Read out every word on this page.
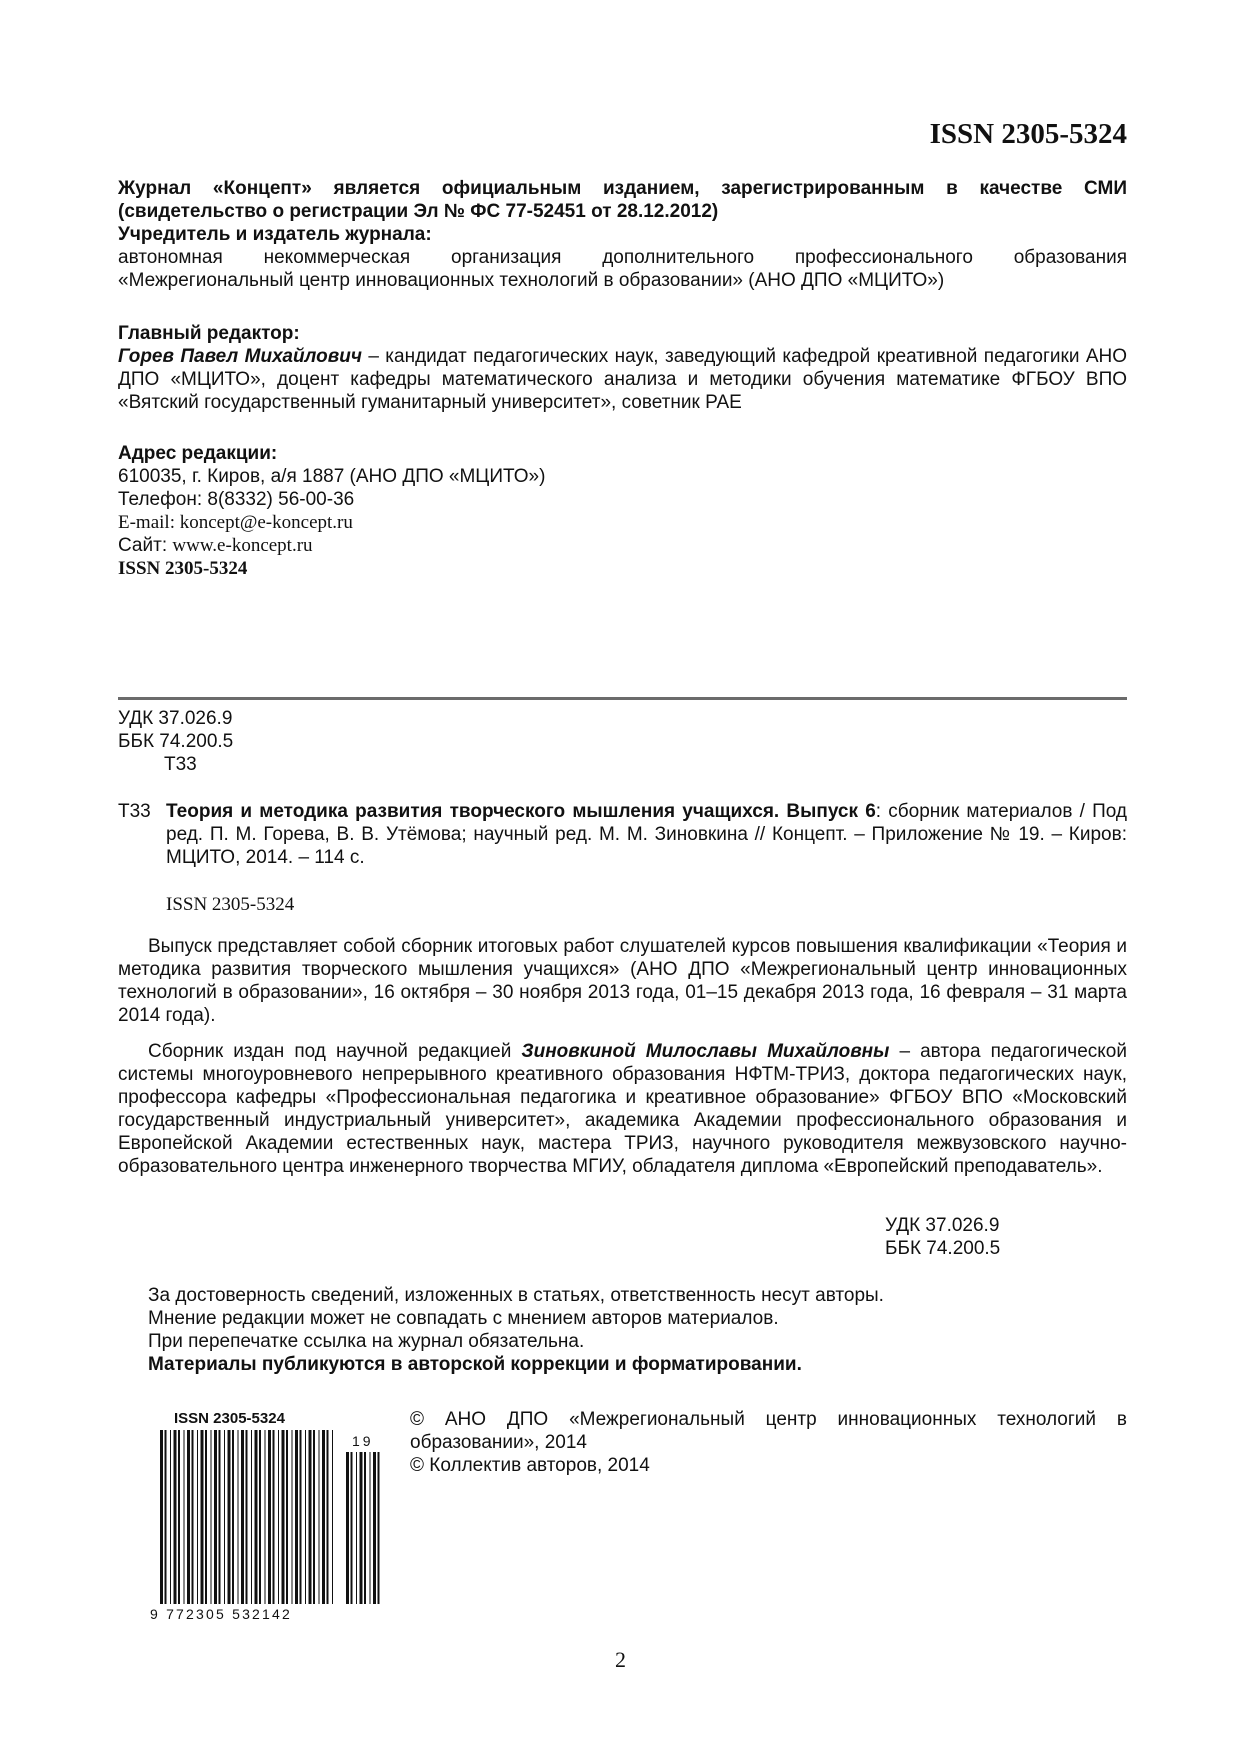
ISSN 2305-5324

Журнал «Концепт» является официальным изданием, зарегистрированным в качестве СМИ (свидетельство о регистрации Эл № ФС 77-52451 от 28.12.2012)

Учредитель и издатель журнала:

автономная некоммерческая организация дополнительного профессионального образования «Межрегиональный центр инновационных технологий в образовании» (АНО ДПО «МЦИТО»)

Главный редактор:

Горев Павел Михайлович – кандидат педагогических наук, заведующий кафедрой креативной педагогики АНО ДПО «МЦИТО», доцент кафедры математического анализа и методики обучения математике ФГБОУ ВПО «Вятский государственный гуманитарный университет», советник РАЕ

Адрес редакции:

610035, г. Киров, а/я 1887 (АНО ДПО «МЦИТО»)

Телефон: 8(8332) 56-00-36

E-mail: koncept@e-koncept.ru

Сайт: www.e-koncept.ru

ISSN 2305-5324

УДК 37.026.9

ББК 74.200.5

Т33

Т33 Теория и методика развития творческого мышления учащихся. Выпуск 6: сборник материалов / Под ред. П. М. Горева, В. В. Утёмова; научный ред. М. М. Зиновкина // Концепт. – Приложение № 19. – Киров: МЦИТО, 2014. – 114 с.

ISSN 2305-5324

Выпуск представляет собой сборник итоговых работ слушателей курсов повышения квалификации «Теория и методика развития творческого мышления учащихся» (АНО ДПО «Межрегиональный центр инновационных технологий в образовании», 16 октября – 30 ноября 2013 года, 01–15 декабря 2013 года, 16 февраля – 31 марта 2014 года).

Сборник издан под научной редакцией Зиновкиной Милославы Михайловны – автора педагогической системы многоуровневого непрерывного креативного образования НФТМ-ТРИЗ, доктора педагогических наук, профессора кафедры «Профессиональная педагогика и креативное образование» ФГБОУ ВПО «Московский государственный индустриальный университет», академика Академии профессионального образования и Европейской Академии естественных наук, мастера ТРИЗ, научного руководителя межвузовского научно-образовательного центра инженерного творчества МГИУ, обладателя диплома «Европейский преподаватель».

УДК 37.026.9

ББК 74.200.5

За достоверность сведений, изложенных в статьях, ответственность несут авторы.

Мнение редакции может не совпадать с мнением авторов материалов.

При перепечатке ссылка на журнал обязательна.

Материалы публикуются в авторской коррекции и форматировании.

ISSN 2305-5324
19
9 772305 532142

© АНО ДПО «Межрегиональный центр инновационных технологий в образовании», 2014

© Коллектив авторов, 2014

2
